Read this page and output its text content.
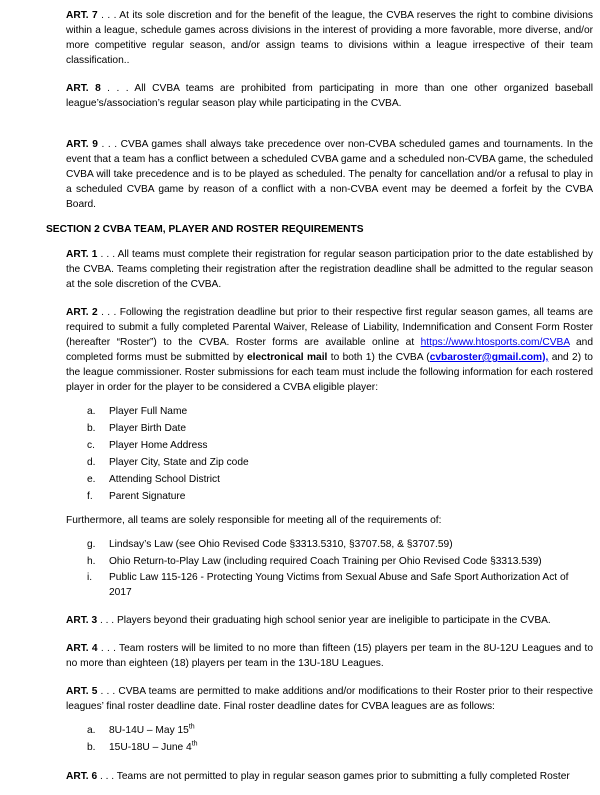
ART. 7 . . . At its sole discretion and for the benefit of the league, the CVBA reserves the right to combine divisions within a league, schedule games across divisions in the interest of providing a more favorable, more diverse, and/or more competitive regular season, and/or assign teams to divisions within a league irrespective of their team classification..

ART. 8 . . . All CVBA teams are prohibited from participating in more than one other organized baseball league’s/association’s regular season play while participating in the CVBA.

ART. 9 . . . CVBA games shall always take precedence over non-CVBA scheduled games and tournaments. In the event that a team has a conflict between a scheduled CVBA game and a scheduled non-CVBA game, the scheduled CVBA will take precedence and is to be played as scheduled. The penalty for cancellation and/or a refusal to play in a scheduled CVBA game by reason of a conflict with a non-CVBA event may be deemed a forfeit by the CVBA Board.

SECTION 2 CVBA TEAM, PLAYER AND ROSTER REQUIREMENTS

ART. 1 . . . All teams must complete their registration for regular season participation prior to the date established by the CVBA. Teams completing their registration after the registration deadline shall be admitted to the regular season at the sole discretion of the CVBA.

ART. 2 . . . Following the registration deadline but prior to their respective first regular season games, all teams are required to submit a fully completed Parental Waiver, Release of Liability, Indemnification and Consent Form Roster (hereafter “Roster”) to the CVBA. Roster forms are available online at https://www.htosports.com/CVBA and completed forms must be submitted by electronical mail to both 1) the CVBA (cvbaroster@gmail.com), and 2) to the league commissioner. Roster submissions for each team must include the following information for each rostered player in order for the player to be considered a CVBA eligible player:

a.	Player Full Name
b.	Player Birth Date
c.	Player Home Address
d.	Player City, State and Zip code
e.	Attending School District
f.	Parent Signature

Furthermore, all teams are solely responsible for meeting all of the requirements of:

g.	Lindsay’s Law (see Ohio Revised Code §3313.5310, §3707.58, & §3707.59)
h.	Ohio Return-to-Play Law (including required Coach Training per Ohio Revised Code §3313.539)
i.	Public Law 115-126 - Protecting Young Victims from Sexual Abuse and Safe Sport Authorization Act of 2017

ART. 3 . . . Players beyond their graduating high school senior year are ineligible to participate in the CVBA.

ART. 4 . . . Team rosters will be limited to no more than fifteen (15) players per team in the 8U-12U Leagues and to no more than eighteen (18) players per team in the 13U-18U Leagues.

ART. 5 . . . CVBA teams are permitted to make additions and/or modifications to their Roster prior to their respective leagues’ final roster deadline date. Final roster deadline dates for CVBA leagues are as follows:

a.	8U-14U – May 15th
b.	15U-18U – June 4th

ART. 6 . . . Teams are not permitted to play in regular season games prior to submitting a fully completed Roster
